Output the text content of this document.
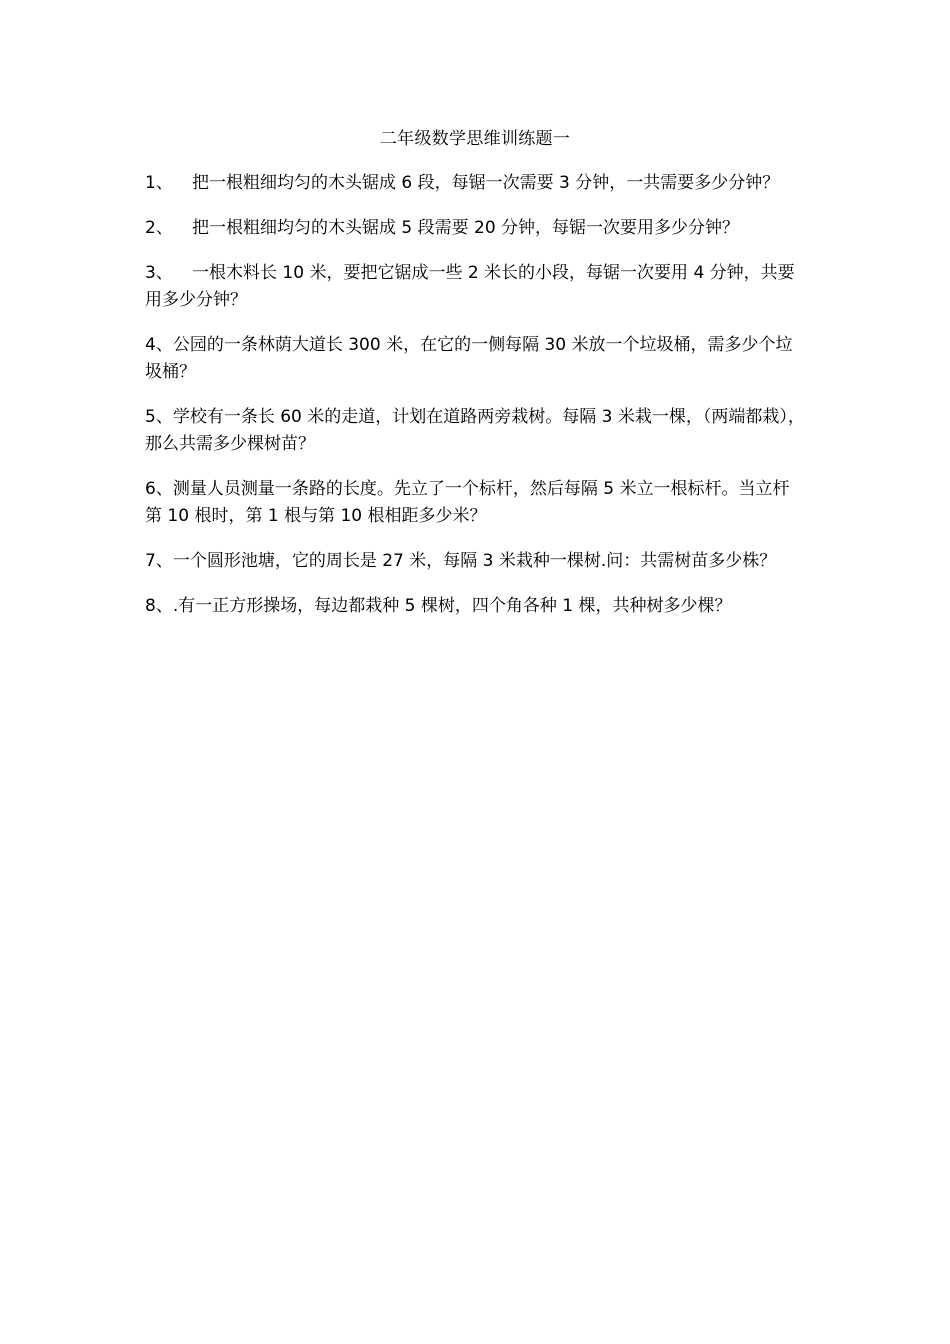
二年级数学思维训练题一

1、 把一根粗细均匀的木头锯成 6 段，每锯一次需要 3 分钟，一共需要多少分钟？

2、 把一根粗细均匀的木头锯成 5 段需要 20 分钟，每锯一次要用多少分钟？

3、 一根木料长 10 米，要把它锯成一些 2 米长的小段，每锯一次要用 4 分钟，共要用多少分钟？

4、公园的一条林荫大道长 300 米，在它的一侧每隔 30 米放一个垃圾桶，需多少个垃圾桶？

5、学校有一条长 60 米的走道，计划在道路两旁栽树。每隔 3 米栽一棵，（两端都栽），那么共需多少棵树苗？

6、测量人员测量一条路的长度。先立了一个标杆，然后每隔 5 米立一根标杆。当立杆第 10 根时，第 1 根与第 10 根相距多少米？

7、一个圆形池塘，它的周长是 27 米，每隔 3 米栽种一棵树.问：共需树苗多少株？

8、.有一正方形操场，每边都栽种 5 棵树，四个角各种 1 棵，共种树多少棵？
